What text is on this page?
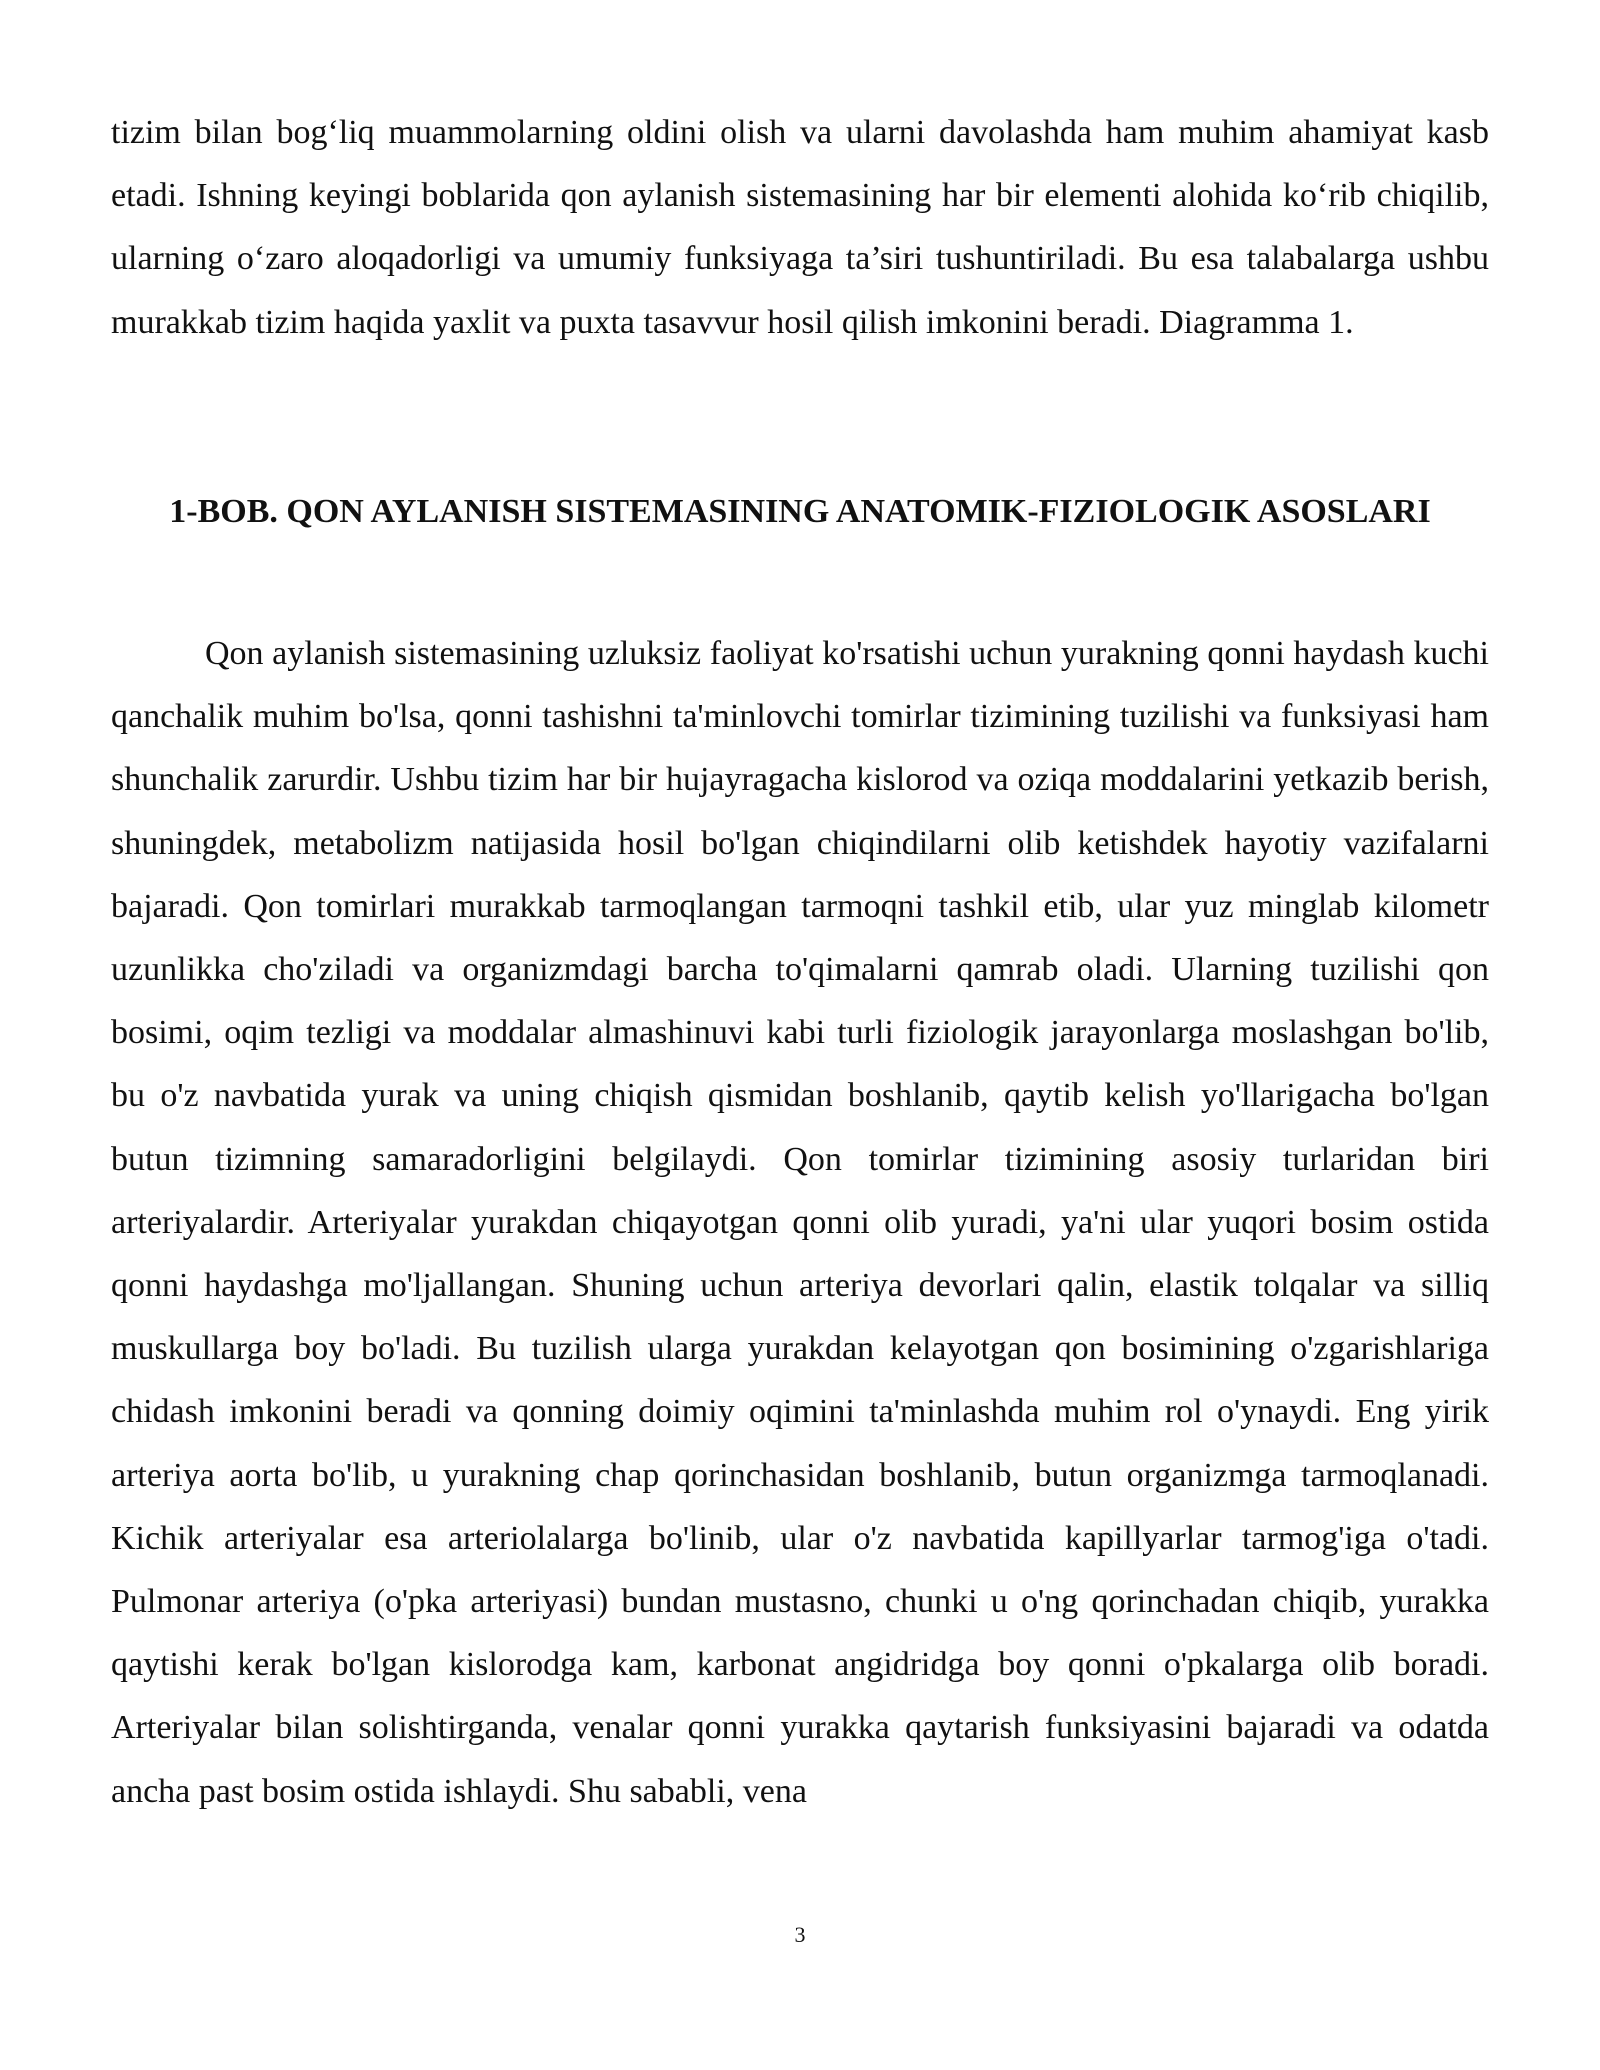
tizim bilan bog‘liq muammolarning oldini olish va ularni davolashda ham muhim ahamiyat kasb etadi. Ishning keyingi boblarida qon aylanish sistemasining har bir elementi alohida ko‘rib chiqilib, ularning o‘zaro aloqadorligi va umumiy funksiyaga ta’siri tushuntiriladi. Bu esa talabalarga ushbu murakkab tizim haqida yaxlit va puxta tasavvur hosil qilish imkonini beradi. Diagramma 1.

1-BOB. QON AYLANISH SISTEMASINING ANATOMIK-FIZIOLOGIK ASOSLARI

Qon aylanish sistemasining uzluksiz faoliyat ko'rsatishi uchun yurakning qonni haydash kuchi qanchalik muhim bo'lsa, qonni tashishni ta'minlovchi tomirlar tizimining tuzilishi va funksiyasi ham shunchalik zarurdir. Ushbu tizim har bir hujayragacha kislorod va oziqa moddalarini yetkazib berish, shuningdek, metabolizm natijasida hosil bo'lgan chiqindilarni olib ketishdek hayotiy vazifalarni bajaradi. Qon tomirlari murakkab tarmoqlangan tarmoqni tashkil etib, ular yuz minglab kilometr uzunlikka cho'ziladi va organizmdagi barcha to'qimalarni qamrab oladi. Ularning tuzilishi qon bosimi, oqim tezligi va moddalar almashinuvi kabi turli fiziologik jarayonlarga moslashgan bo'lib, bu o'z navbatida yurak va uning chiqish qismidan boshlanib, qaytib kelish yo'llarigacha bo'lgan butun tizimning samaradorligini belgilaydi. Qon tomirlar tizimining asosiy turlaridan biri arteriyalardir. Arteriyalar yurakdan chiqayotgan qonni olib yuradi, ya'ni ular yuqori bosim ostida qonni haydashga mo'ljallangan. Shuning uchun arteriya devorlari qalin, elastik tolqalar va silliq muskullarga boy bo'ladi. Bu tuzilish ularga yurakdan kelayotgan qon bosimining o'zgarishlariga chidash imkonini beradi va qonning doimiy oqimini ta'minlashda muhim rol o'ynaydi. Eng yirik arteriya aorta bo'lib, u yurakning chap qorinchasidan boshlanib, butun organizmga tarmoqlanadi. Kichik arteriyalar esa arteriolalarga bo'linib, ular o'z navbatida kapillyarlar tarmog'iga o'tadi. Pulmonar arteriya (o'pka arteriyasi) bundan mustasno, chunki u o'ng qorinchadan chiqib, yurakka qaytishi kerak bo'lgan kislorodga kam, karbonat angidridga boy qonni o'pkalarga olib boradi. Arteriyalar bilan solishtirganda, venalar qonni yurakka qaytarish funksiyasini bajaradi va odatda ancha past bosim ostida ishlaydi. Shu sababli, vena

3
